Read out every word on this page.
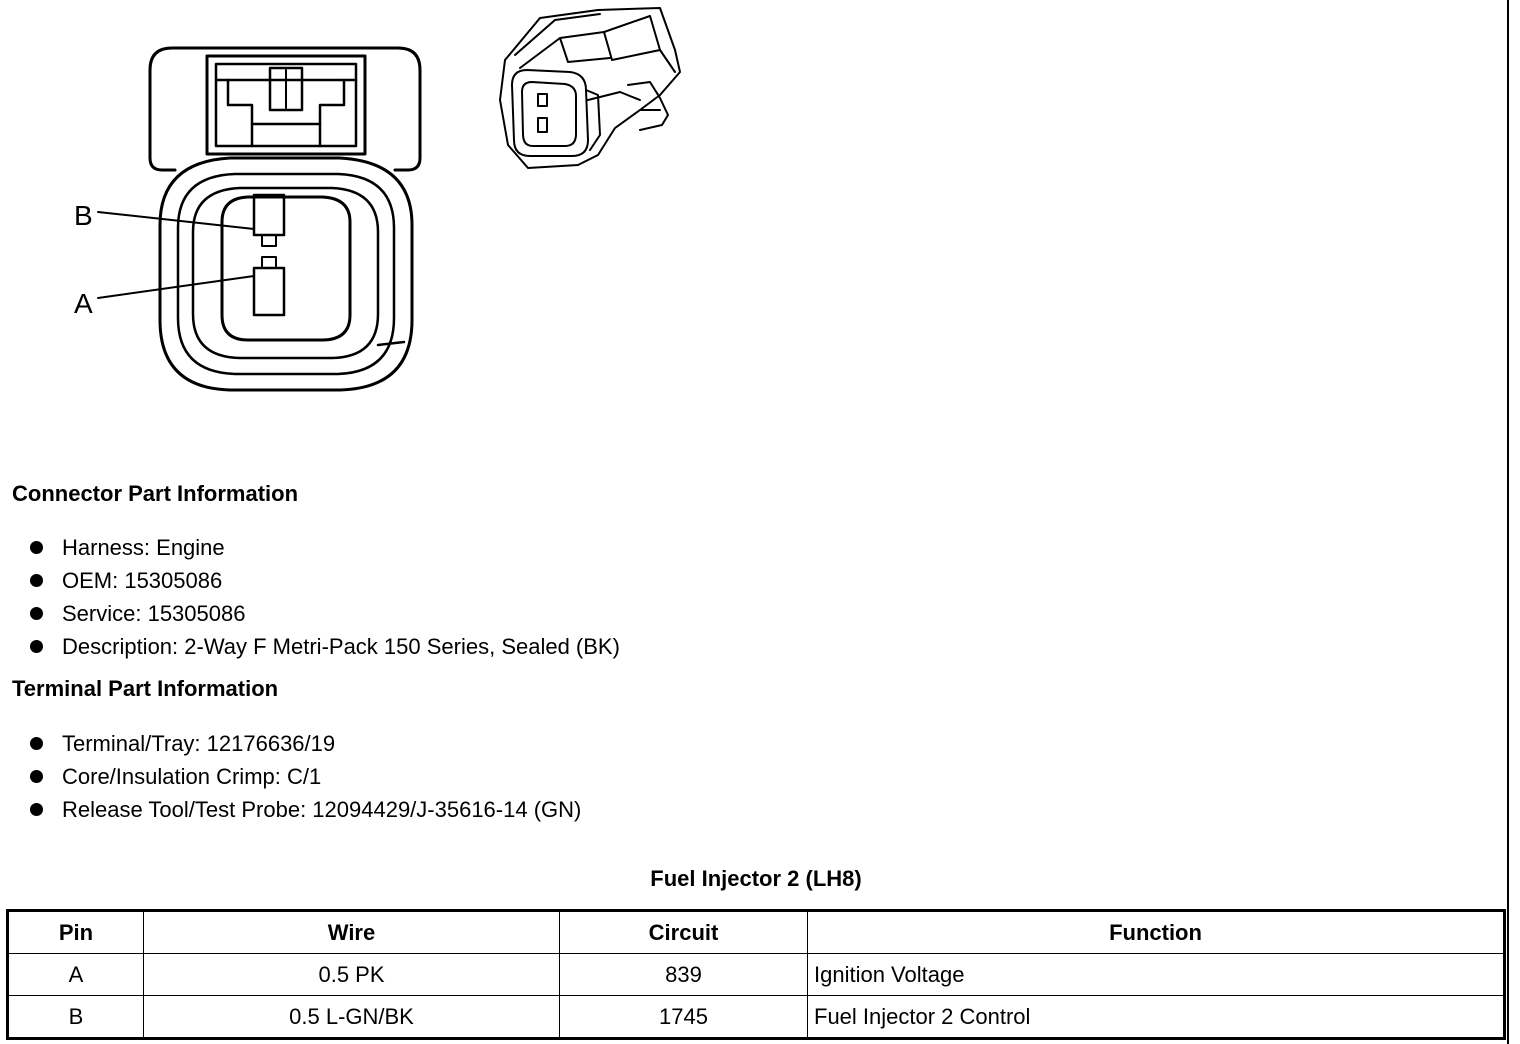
B
A
Connector Part Information
Harness: Engine
OEM: 15305086
Service: 15305086
Description: 2-Way F Metri-Pack 150 Series, Sealed (BK)
Terminal Part Information
Terminal/Tray: 12176636/19
Core/Insulation Crimp: C/1
Release Tool/Test Probe: 12094429/J-35616-14 (GN)
Fuel Injector 2 (LH8)
Pin	Wire	Circuit	Function
A	0.5 PK	839	Ignition Voltage
B	0.5 L-GN/BK	1745	Fuel Injector 2 Control
